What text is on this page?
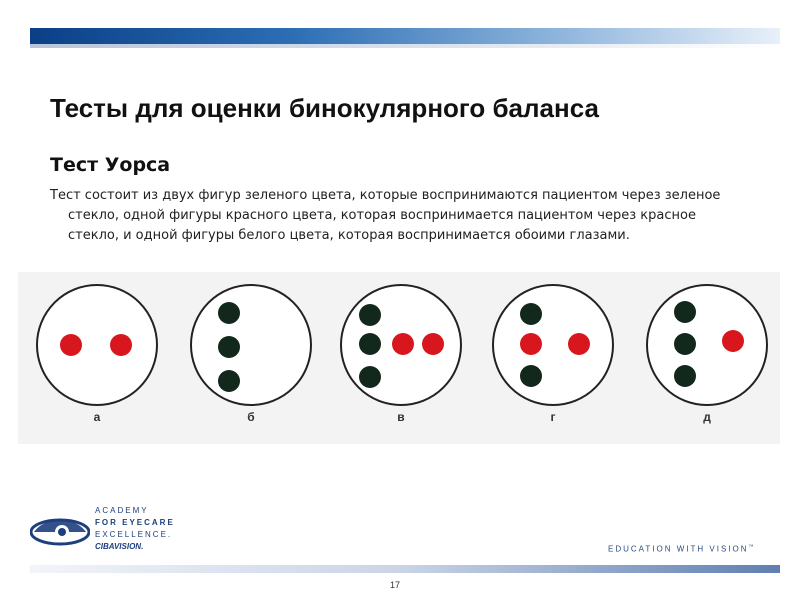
Тесты для оценки бинокулярного баланса
Тест Уорса

Тест состоит из двух фигур зеленого цвета, которые воспринимаются пациентом через зеленое
стекло, одной фигуры красного цвета, которая воспринимается пациентом через красное
стекло, и одной фигуры белого цвета, которая воспринимается обоими глазами.

а	б	в	г	д
ACADEMY
FOR EYECARE
EXCELLENCE.
CIBAVISION.	EDUCATION WITH VISION™
17
